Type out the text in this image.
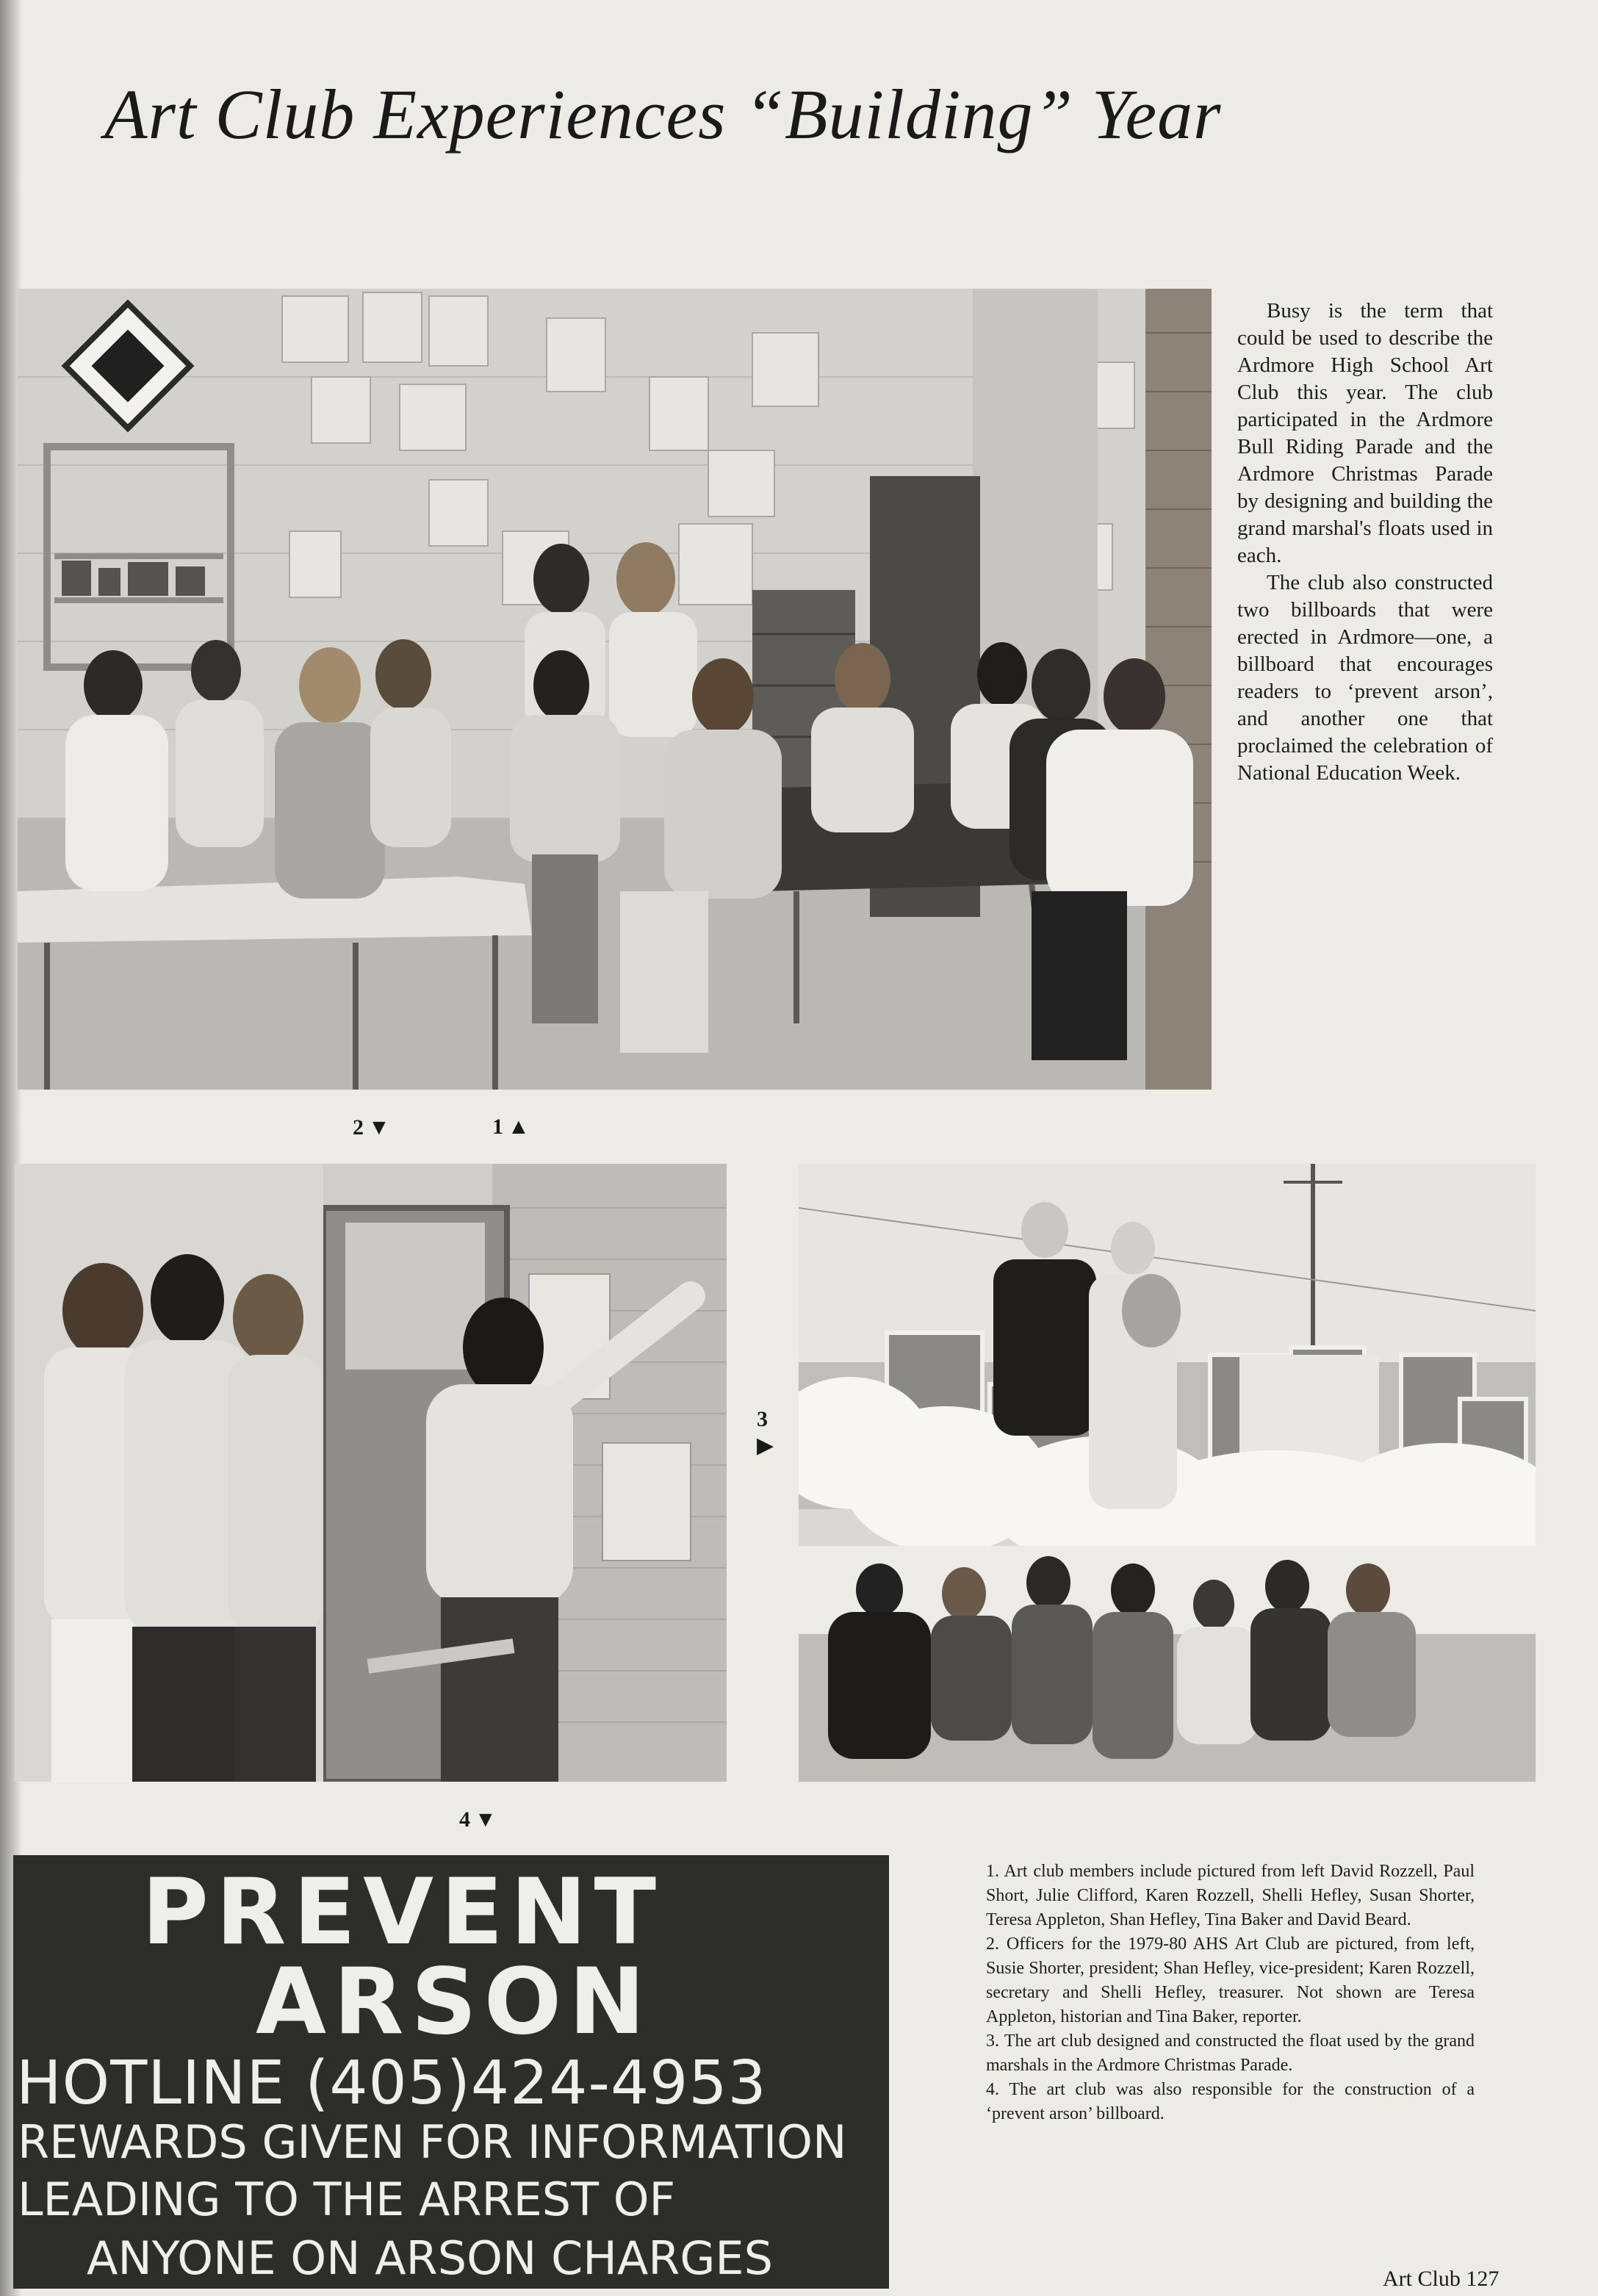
Art Club Experiences “Building” Year

Busy is the term that could be used to describe the Ardmore High School Art Club this year. The club participated in the Ardmore Bull Riding Parade and the Ardmore Christmas Parade by designing and building the grand marshal's floats used in each.

The club also constructed two billboards that were erected in Ardmore—one, a billboard that encourages readers to ‘prevent arson’, and another one that proclaimed the celebration of National Education Week.

2 ▼	1 ▲
3
▶
4 ▼
PREVENT
ARSON
HOTLINE (405)424-4953
REWARDS GIVEN FOR INFORMATION
LEADING TO THE ARREST OF
ANYONE ON ARSON CHARGES

1. Art club members include pictured from left David Rozzell, Paul Short, Julie Clifford, Karen Rozzell, Shelli Hefley, Susan Shorter, Teresa Appleton, Shan Hefley, Tina Baker and David Beard.

2. Officers for the 1979-80 AHS Art Club are pictured, from left, Susie Shorter, president; Shan Hefley, vice-president; Karen Rozzell, secretary and Shelli Hefley, treasurer. Not shown are Teresa Appleton, historian and Tina Baker, reporter.

3. The art club designed and constructed the float used by the grand marshals in the Ardmore Christmas Parade.

4. The art club was also responsible for the construction of a ‘prevent arson’ billboard.

Art Club 127
